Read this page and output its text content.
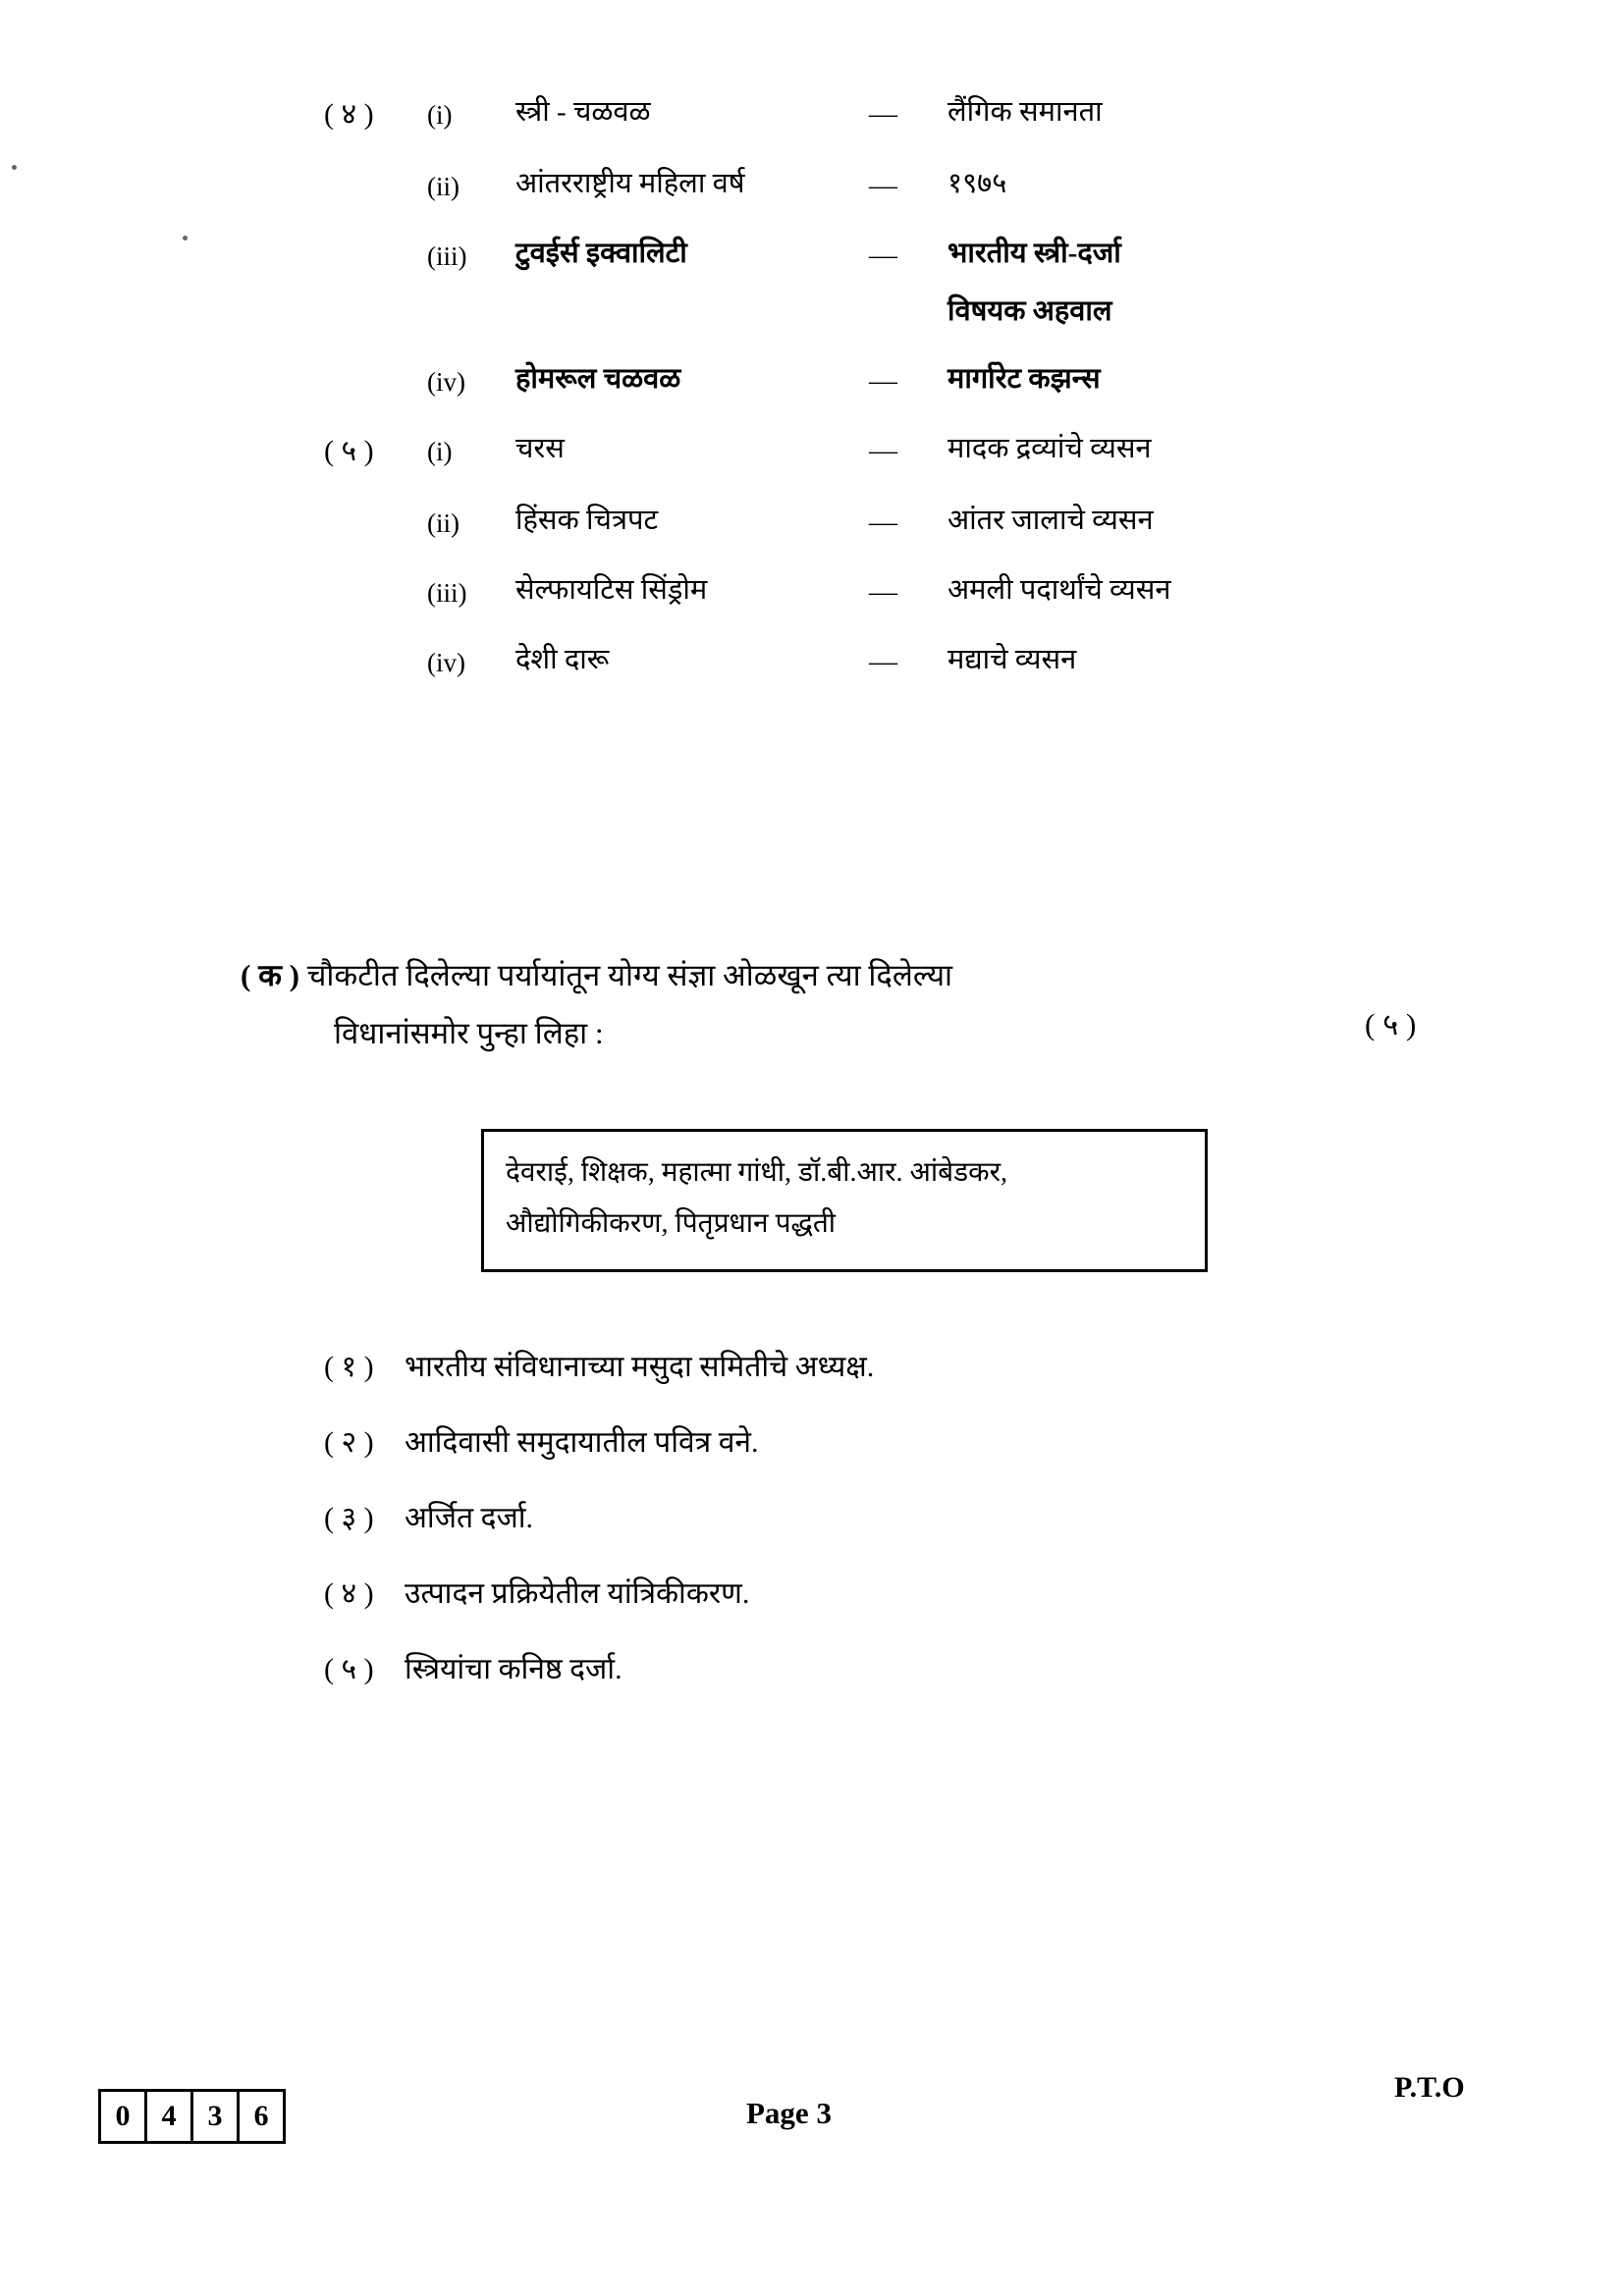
( ४ )	(i)	स्त्री - चळवळ	—	लैंगिक समानता
(ii)	आंतरराष्ट्रीय महिला वर्ष	—	१९७५
(iii)	टुवईर्स इक्वालिटी	—	भारतीय स्त्री-दर्जा
विषयक अहवाल
(iv)	होमरूल चळवळ	—	मार्गारेट कझन्स
( ५ )	(i)	चरस	—	मादक द्रव्यांचे व्यसन
(ii)	हिंसक चित्रपट	—	आंतर जालाचे व्यसन
(iii)	सेल्फायटिस सिंड्रोम	—	अमली पदार्थांचे व्यसन
(iv)	देशी दारू	—	मद्याचे व्यसन
( क ) चौकटीत दिलेल्या पर्यायांतून योग्य संज्ञा ओळखून त्या दिलेल्या
विधानांसमोर पुन्हा लिहा :	( ५ )
देवराई, शिक्षक, महात्मा गांधी, डॉ.बी.आर. आंबेडकर,
औद्योगिकीकरण, पितृप्रधान पद्धती
( १ )	भारतीय संविधानाच्या मसुदा समितीचे अध्यक्ष.
( २ )	आदिवासी समुदायातील पवित्र वने.
( ३ )	अर्जित दर्जा.
( ४ )	उत्पादन प्रक्रियेतील यांत्रिकीकरण.
( ५ )	स्त्रियांचा कनिष्ठ दर्जा.
0	4	3	6	Page 3
P.T.O
